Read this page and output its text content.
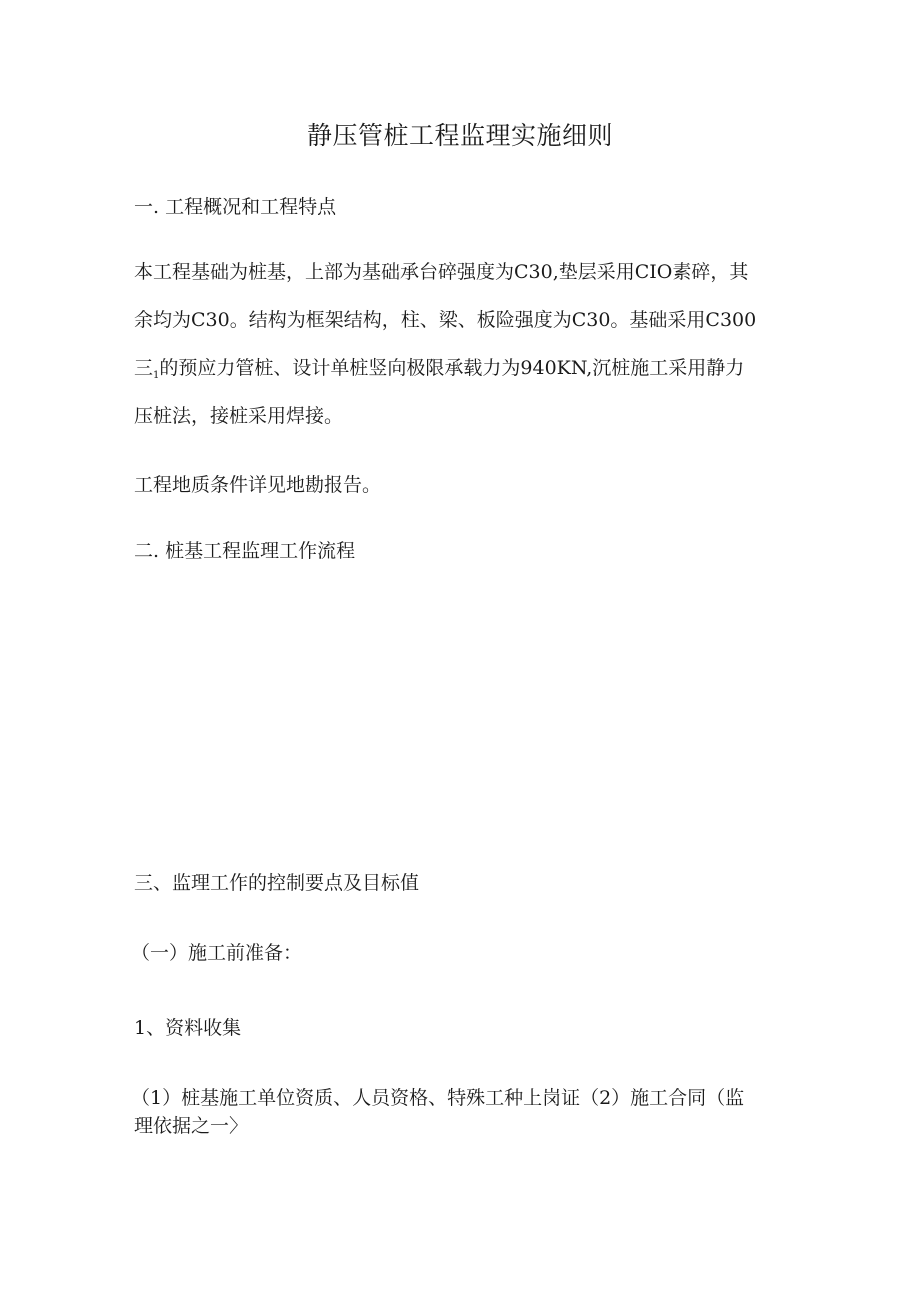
静压管桩工程监理实施细则
一. 工程概况和工程特点
本工程基础为桩基，上部为基础承台碎强度为C30,垫层采用CIO素碎，其
余均为C30。结构为框架结构，柱、梁、板险强度为C30。基础采用C300
三$_1$的预应力管桩、设计单桩竖向极限承载力为940KN,沉桩施工采用静力
压桩法，接桩采用焊接。
工程地质条件详见地勘报告。
二. 桩基工程监理工作流程
三、监理工作的控制要点及目标值
（一）施工前准备：
1、资料收集
（1）桩基施工单位资质、人员资格、特殊工种上岗证（2）施工合同（监
理依据之一〉
